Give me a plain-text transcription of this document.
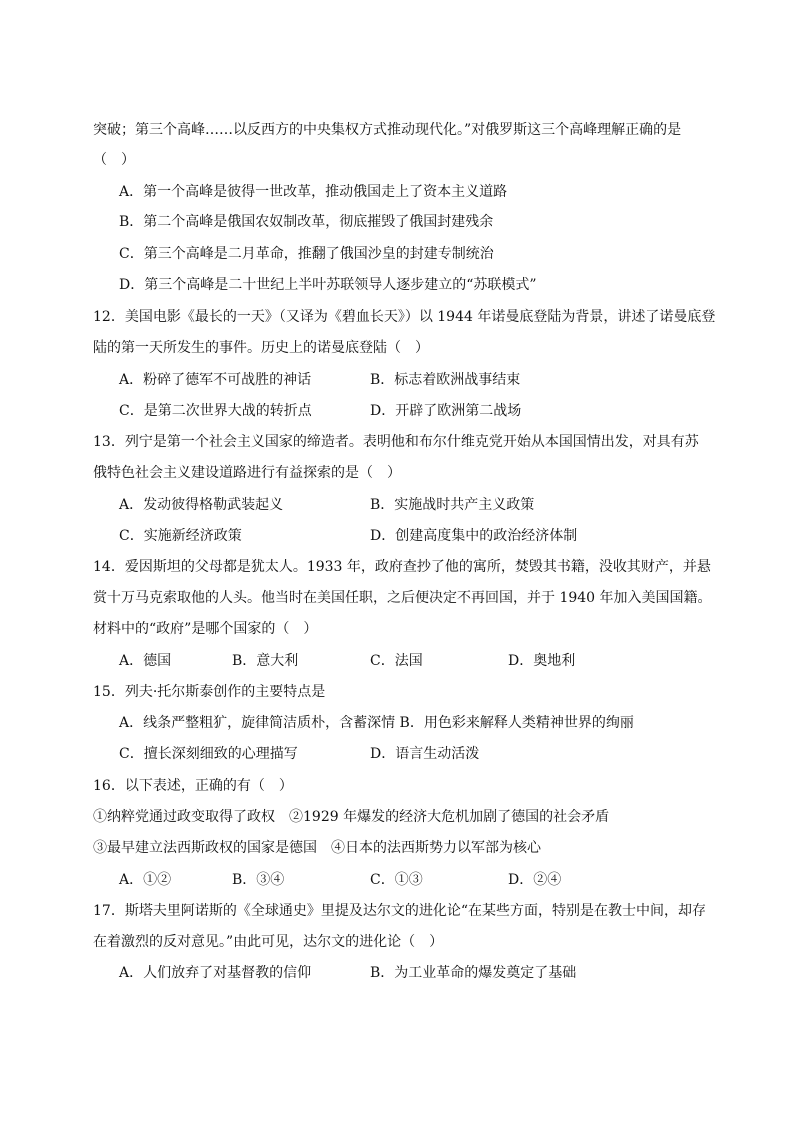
突破；第三个高峰……以反西方的中央集权方式推动现代化。”对俄罗斯这三个高峰理解正确的是
（　）
A．第一个高峰是彼得一世改革，推动俄国走上了资本主义道路
B．第二个高峰是俄国农奴制改革，彻底摧毁了俄国封建残余
C．第三个高峰是二月革命，推翻了俄国沙皇的封建专制统治
D．第三个高峰是二十世纪上半叶苏联领导人逐步建立的“苏联模式”
12．美国电影《最长的一天》（又译为《碧血长天》）以 1944 年诺曼底登陆为背景，讲述了诺曼底登
陆的第一天所发生的事件。历史上的诺曼底登陆（　）
A．粉碎了德军不可战胜的神话	B．标志着欧洲战事结束
C．是第二次世界大战的转折点	D．开辟了欧洲第二战场
13．列宁是第一个社会主义国家的缔造者。表明他和布尔什维克党开始从本国国情出发，对具有苏
俄特色社会主义建设道路进行有益探索的是（　）
A．发动彼得格勒武装起义	B．实施战时共产主义政策
C．实施新经济政策	D．创建高度集中的政治经济体制
14．爱因斯坦的父母都是犹太人。1933 年，政府查抄了他的寓所，焚毁其书籍，没收其财产，并悬
赏十万马克索取他的人头。他当时在美国任职，之后便决定不再回国，并于 1940 年加入美国国籍。
材料中的“政府”是哪个国家的（　）
A．德国	B．意大利	C．法国	D．奥地利
15．列夫·托尔斯泰创作的主要特点是
A．线条严整粗犷，旋律简洁质朴，含蓄深情 B．用色彩来解释人类精神世界的绚丽
C．擅长深刻细致的心理描写	D．语言生动活泼
16．以下表述，正确的有（　）
①纳粹党通过政变取得了政权　②1929 年爆发的经济大危机加剧了德国的社会矛盾
③最早建立法西斯政权的国家是德国　④日本的法西斯势力以军部为核心
A．①②	B．③④	C．①③	D．②④
17．斯塔夫里阿诺斯的《全球通史》里提及达尔文的进化论“在某些方面，特别是在教士中间，却存
在着激烈的反对意见。”由此可见，达尔文的进化论（　）
A．人们放弃了对基督教的信仰	B．为工业革命的爆发奠定了基础
